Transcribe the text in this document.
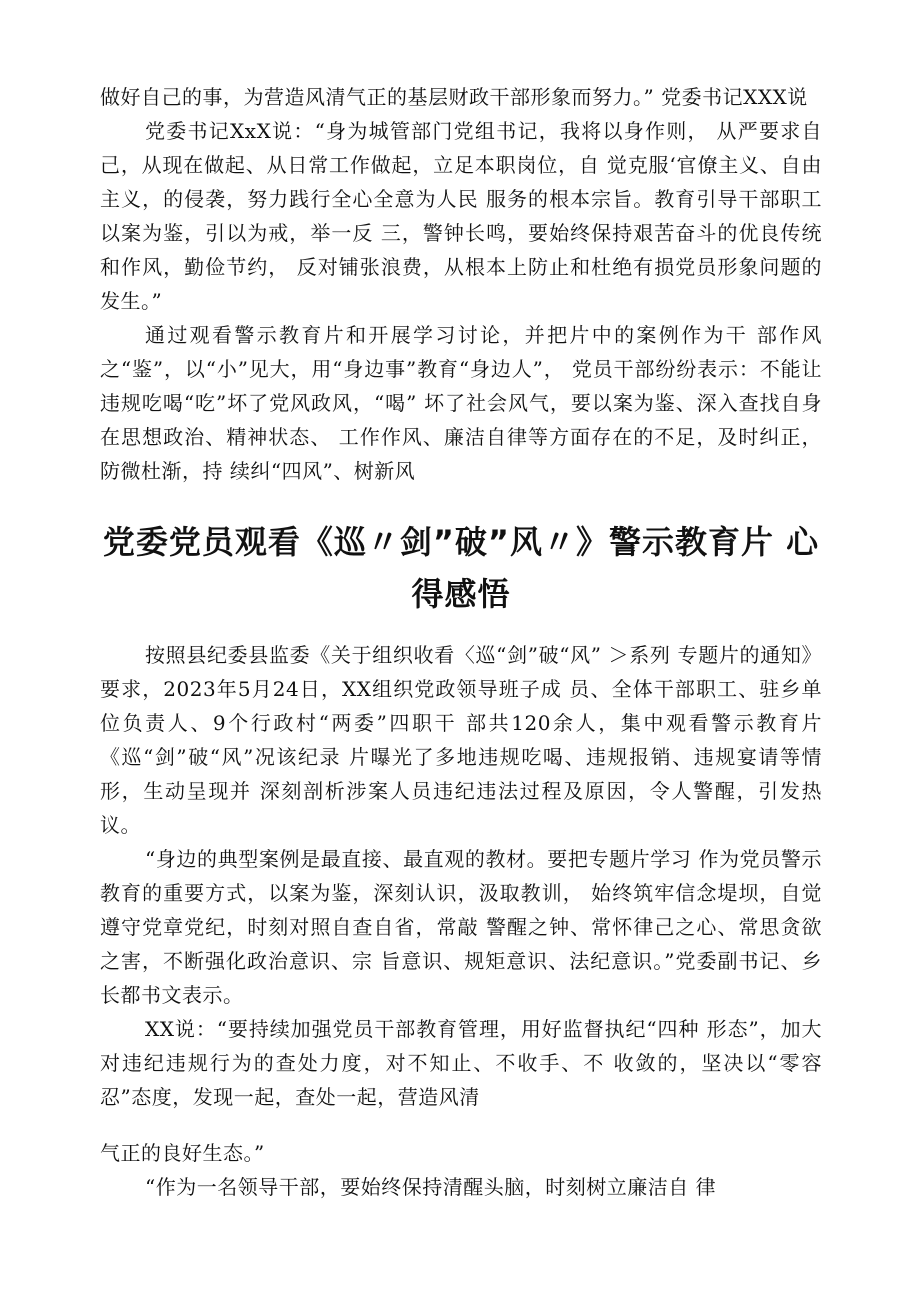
做好自己的事，为营造风清气正的基层财政干部形象而努力。” 党委书记XXX说

党委书记XxX说：“身为城管部门党组书记，我将以身作则， 从严要求自己，从现在做起、从日常工作做起，立足本职岗位，自 觉克服‘官僚主义、自由主义，的侵袭，努力践行全心全意为人民 服务的根本宗旨。教育引导干部职工以案为鉴，引以为戒，举一反 三，警钟长鸣，要始终保持艰苦奋斗的优良传统和作风，勤俭节约， 反对铺张浪费，从根本上防止和杜绝有损党员形象问题的发生。”

通过观看警示教育片和开展学习讨论，并把片中的案例作为干 部作风之“鉴”，以“小”见大，用“身边事”教育“身边人”， 党员干部纷纷表示：不能让违规吃喝“吃”坏了党风政风，“喝” 坏了社会风气，要以案为鉴、深入查找自身在思想政治、精神状态、 工作作风、廉洁自律等方面存在的不足，及时纠正，防微杜渐，持 续纠“四风”、树新风

党委党员观看《巡〃剑”破”风〃》警示教育片 心得感悟

按照县纪委县监委《关于组织收看〈巡“剑”破“风” ＞系列 专题片的通知》要求，2023年5月24日，XX组织党政领导班子成 员、全体干部职工、驻乡单位负责人、9个行政村“两委”四职干 部共120余人，集中观看警示教育片《巡“剑”破“风”况该纪录 片曝光了多地违规吃喝、违规报销、违规宴请等情形，生动呈现并 深刻剖析涉案人员违纪违法过程及原因，令人警醒，引发热议。

“身边的典型案例是最直接、最直观的教材。要把专题片学习 作为党员警示教育的重要方式，以案为鉴，深刻认识，汲取教训， 始终筑牢信念堤坝，自觉遵守党章党纪，时刻对照自查自省，常敲 警醒之钟、常怀律己之心、常思贪欲之害，不断强化政治意识、宗 旨意识、规矩意识、法纪意识。”党委副书记、乡长都书文表示。

XX说：“要持续加强党员干部教育管理，用好监督执纪“四种 形态”，加大对违纪违规行为的查处力度，对不知止、不收手、不 收敛的，坚决以“零容忍”态度，发现一起，查处一起，营造风清

气正的良好生态。”

“作为一名领导干部，要始终保持清醒头脑，时刻树立廉洁自 律
